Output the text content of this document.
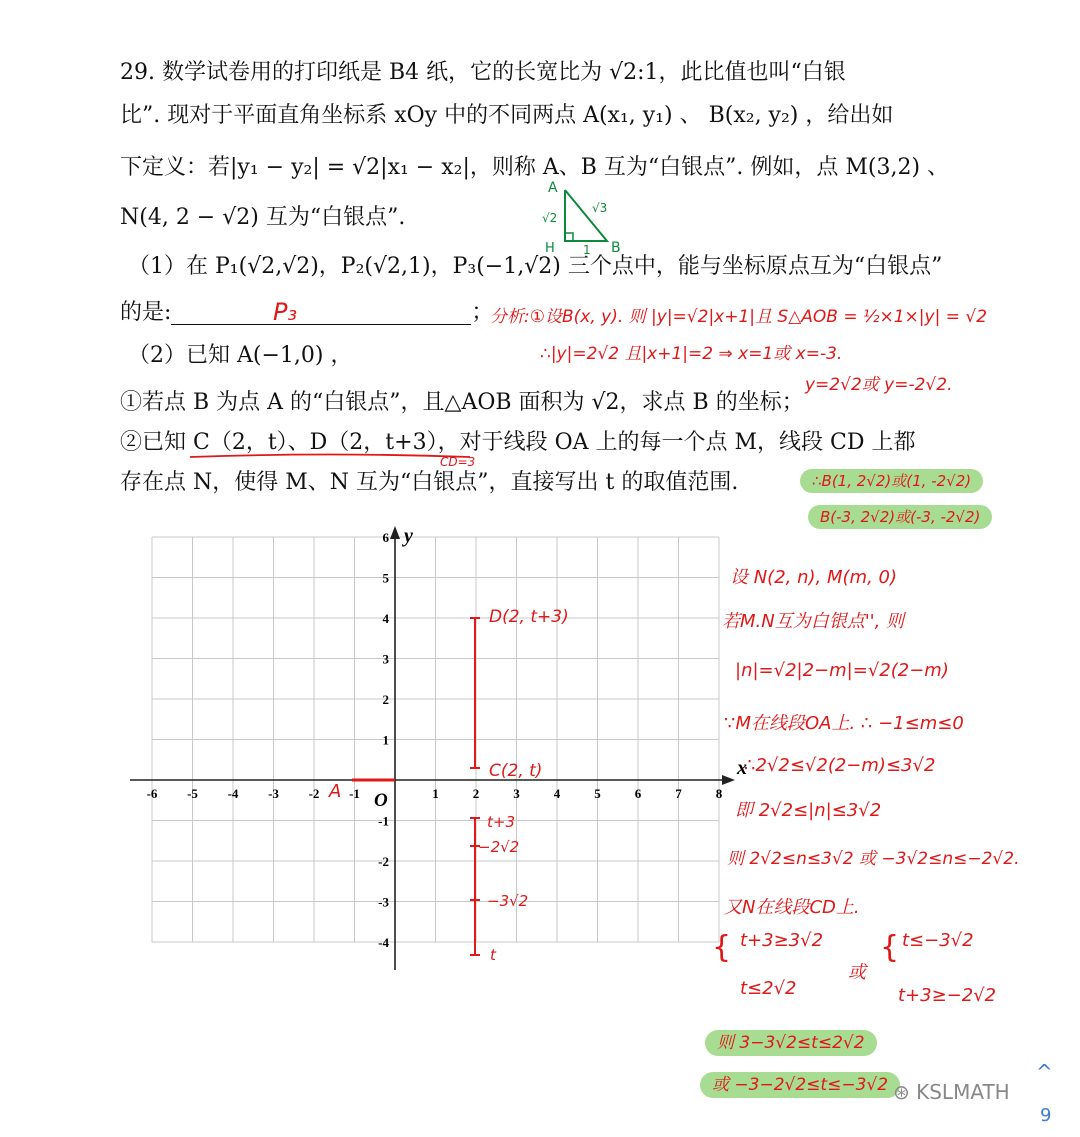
29. 数学试卷用的打印纸是 B4 纸，它的长宽比为 √2:1，此比值也叫“白银
比”. 现对于平面直角坐标系 xOy 中的不同两点 A(x₁, y₁) 、 B(x₂, y₂) ，给出如
下定义：若|y₁ − y₂| = √2|x₁ − x₂|，则称 A、B 互为“白银点”. 例如，点 M(3,2) 、
N(4, 2 − √2) 互为“白银点”.
（1）在 P₁(√2,√2)，P₂(√2,1)，P₃(−1,√2) 三个点中，能与坐标原点互为“白银点”
的是:	；
（2）已知 A(−1,0) ，
①若点 B 为点 A 的“白银点”，且△AOB 面积为 √2，求点 B 的坐标；
②已知 C（2，t）、D（2，t+3），对于线段 OA 上的每一个点 M，线段 CD 上都
存在点 N，使得 M、N 互为“白银点”，直接写出 t 的取值范围.
-6 -5 -4 -3 -2 -1	1	2	3	4	5	6	7	8
6
5
4
3
2
1
-1
-2
-3
-4
x
y
O
D(2, t+3)
C(2, t)
A
t+3
−2√2
−3√2
t
A
√2
√3
H 1 B
P₃	分析:①设B(x, y). 则 |y|=√2|x+1|且 S△AOB = ½×1×|y| = √2
∴|y|=2√2 且|x+1|=2 ⇒ x=1或 x=-3.
y=2√2或 y=-2√2.
CD=3
∴B(1, 2√2)或(1, -2√2)
B(-3, 2√2)或(-3, -2√2)
设 N(2, n), M(m, 0)
若M.N互为白银点'', 则
|n|=√2|2−m|=√2(2−m)
∵M在线段OA上. ∴ −1≤m≤0
∴2√2≤√2(2−m)≤3√2
即 2√2≤|n|≤3√2
则 2√2≤n≤3√2 或 −3√2≤n≤−2√2.
又N在线段CD上.
{ t+3≥3√2
t≤2√2
或
{ t≤−3√2
t+3≥−2√2
则 3−3√2≤t≤2√2
或 −3−2√2≤t≤−3√2 ⊛ KSLMATH
^
9
